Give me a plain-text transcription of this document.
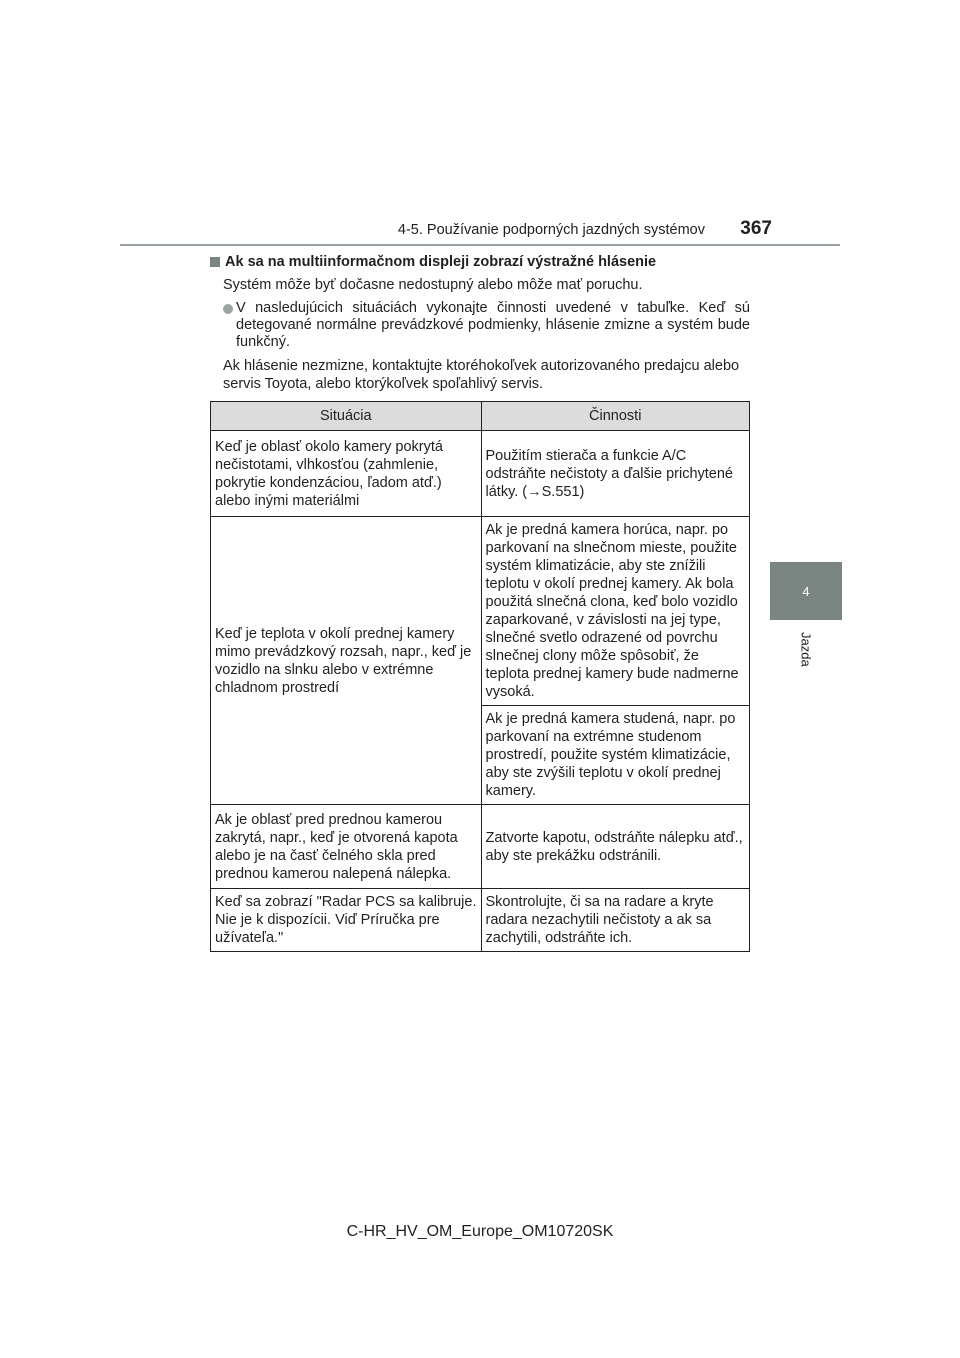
4-5. Používanie podporných jazdných systémov 367
4
Jazda
Ak sa na multiinformačnom displeji zobrazí výstražné hlásenie

Systém môže byť dočasne nedostupný alebo môže mať poruchu.

V nasledujúcich situáciách vykonajte činnosti uvedené v tabuľke. Keď sú detegované normálne prevádzkové podmienky, hlásenie zmizne a systém bude funkčný.

Ak hlásenie nezmizne, kontaktujte ktoréhokoľvek autorizovaného predajcu alebo servis Toyota, alebo ktorýkoľvek spoľahlivý servis.

Situácia	Činnosti
Keď je oblasť okolo kamery pokrytá nečistotami, vlhkosťou (zahmlenie, pokrytie kondenzáciou, ľadom atď.) alebo inými materiálmi	Použitím stierača a funkcie A/C odstráňte nečistoty a ďalšie prichytené látky. (→S.551)
Keď je teplota v okolí prednej kamery mimo prevádzkový rozsah, napr., keď je vozidlo na slnku alebo v extrémne chladnom prostredí	Ak je predná kamera horúca, napr. po parkovaní na slnečnom mieste, použite systém klimatizácie, aby ste znížili teplotu v okolí prednej kamery. Ak bola použitá slnečná clona, keď bolo vozidlo zaparkované, v závislosti na jej type, slnečné svetlo odrazené od povrchu slnečnej clony môže spôsobiť, že teplota prednej kamery bude nadmerne vysoká.
	Ak je predná kamera studená, napr. po parkovaní na extrémne studenom prostredí, použite systém klimatizácie, aby ste zvýšili teplotu v okolí prednej kamery.
Ak je oblasť pred prednou kamerou zakrytá, napr., keď je otvorená kapota alebo je na časť čelného skla pred prednou kamerou nalepená nálepka.	Zatvorte kapotu, odstráňte nálepku atď., aby ste prekážku odstránili.
Keď sa zobrazí "Radar PCS sa kalibruje. Nie je k dispozícii. Viď Príručka pre užívateľa."	Skontrolujte, či sa na radare a kryte radara nezachytili nečistoty a ak sa zachytili, odstráňte ich.
C-HR_HV_OM_Europe_OM10720SK
